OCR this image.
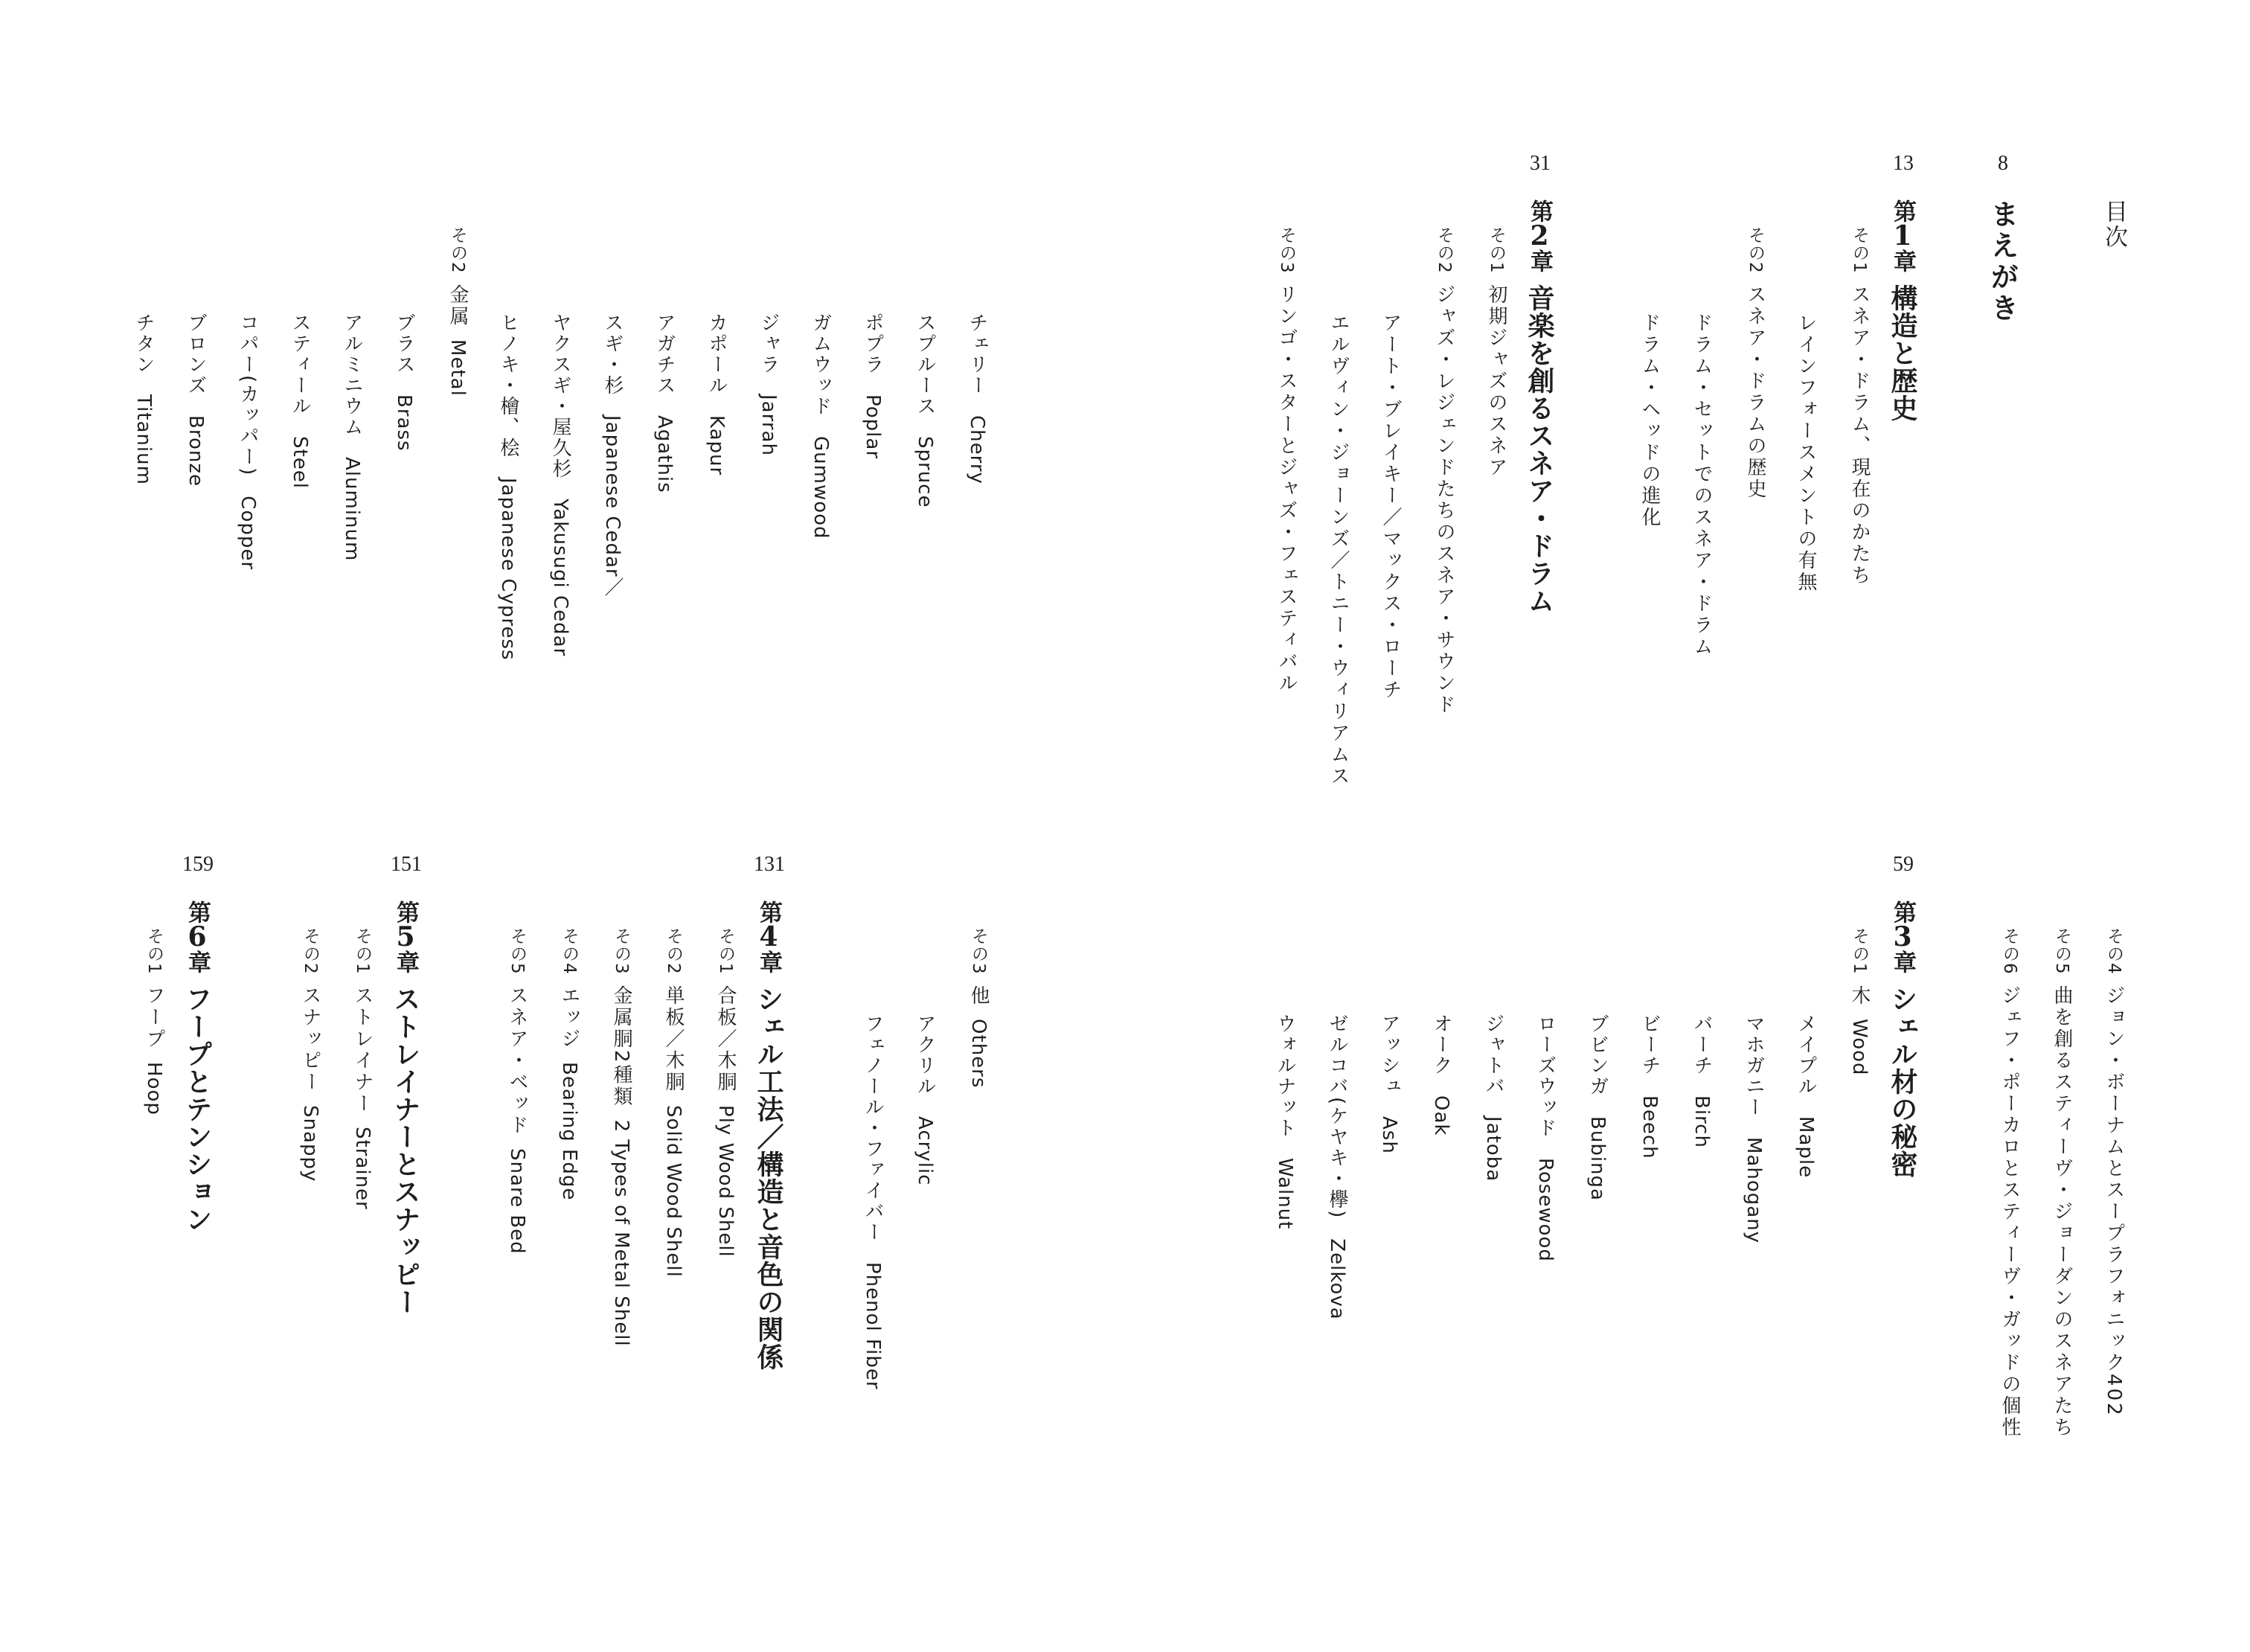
目次
8
まえがき
13
第1章構造と歴史
その1スネア・ドラム、現在のかたち
レインフォースメントの有無
その2スネア・ドラムの歴史
ドラム・セットでのスネア・ドラム
ドラム・ヘッドの進化
31
第2章音楽を創るスネア・ドラム
その1初期ジャズのスネア
その2ジャズ・レジェンドたちのスネア・サウンド
アート・ブレイキー／マックス・ローチ
エルヴィン・ジョーンズ／トニー・ウィリアムス
その3リンゴ・スターとジャズ・フェスティバル
チェリーCherry
スプルースSpruce
ポプラPoplar
ガムウッドGumwood
ジャラJarrah
カポールKapur
アガチスAgathis
スギ・杉Japanese Cedar／
ヤクスギ・屋久杉Yakusugi Cedar
ヒノキ・檜、桧Japanese Cypress
その2金属Metal
ブラスBrass
アルミニウムAluminum
スティールSteel
コパー(カッパー)Copper
ブロンズBronze
チタンTitanium
その4ジョン・ボーナムとスープラフォニック402
その5曲を創るスティーヴ・ジョーダンのスネアたち
その6ジェフ・ポーカロとスティーヴ・ガッドの個性
59
第3章シェル材の秘密
その1木Wood
メイプルMaple
マホガニーMahogany
バーチBirch
ビーチBeech
ブビンガBubinga
ローズウッドRosewood
ジャトバJatoba
オークOak
アッシュAsh
ゼルコバ(ケヤキ・欅)Zelkova
ウォルナットWalnut
その3他Others
アクリルAcrylic
フェノール・ファイバーPhenol Fiber
131
第4章シェル工法／構造と音色の関係
その1合板／木胴Ply Wood Shell
その2単板／木胴Solid Wood Shell
その3金属胴2種類2 Types of Metal Shell
その4エッジBearing Edge
その5スネア・ベッドSnare Bed
151
第5章ストレイナーとスナッピー
その1ストレイナーStrainer
その2スナッピーSnappy
159
第6章フープとテンション
その1フープHoop
